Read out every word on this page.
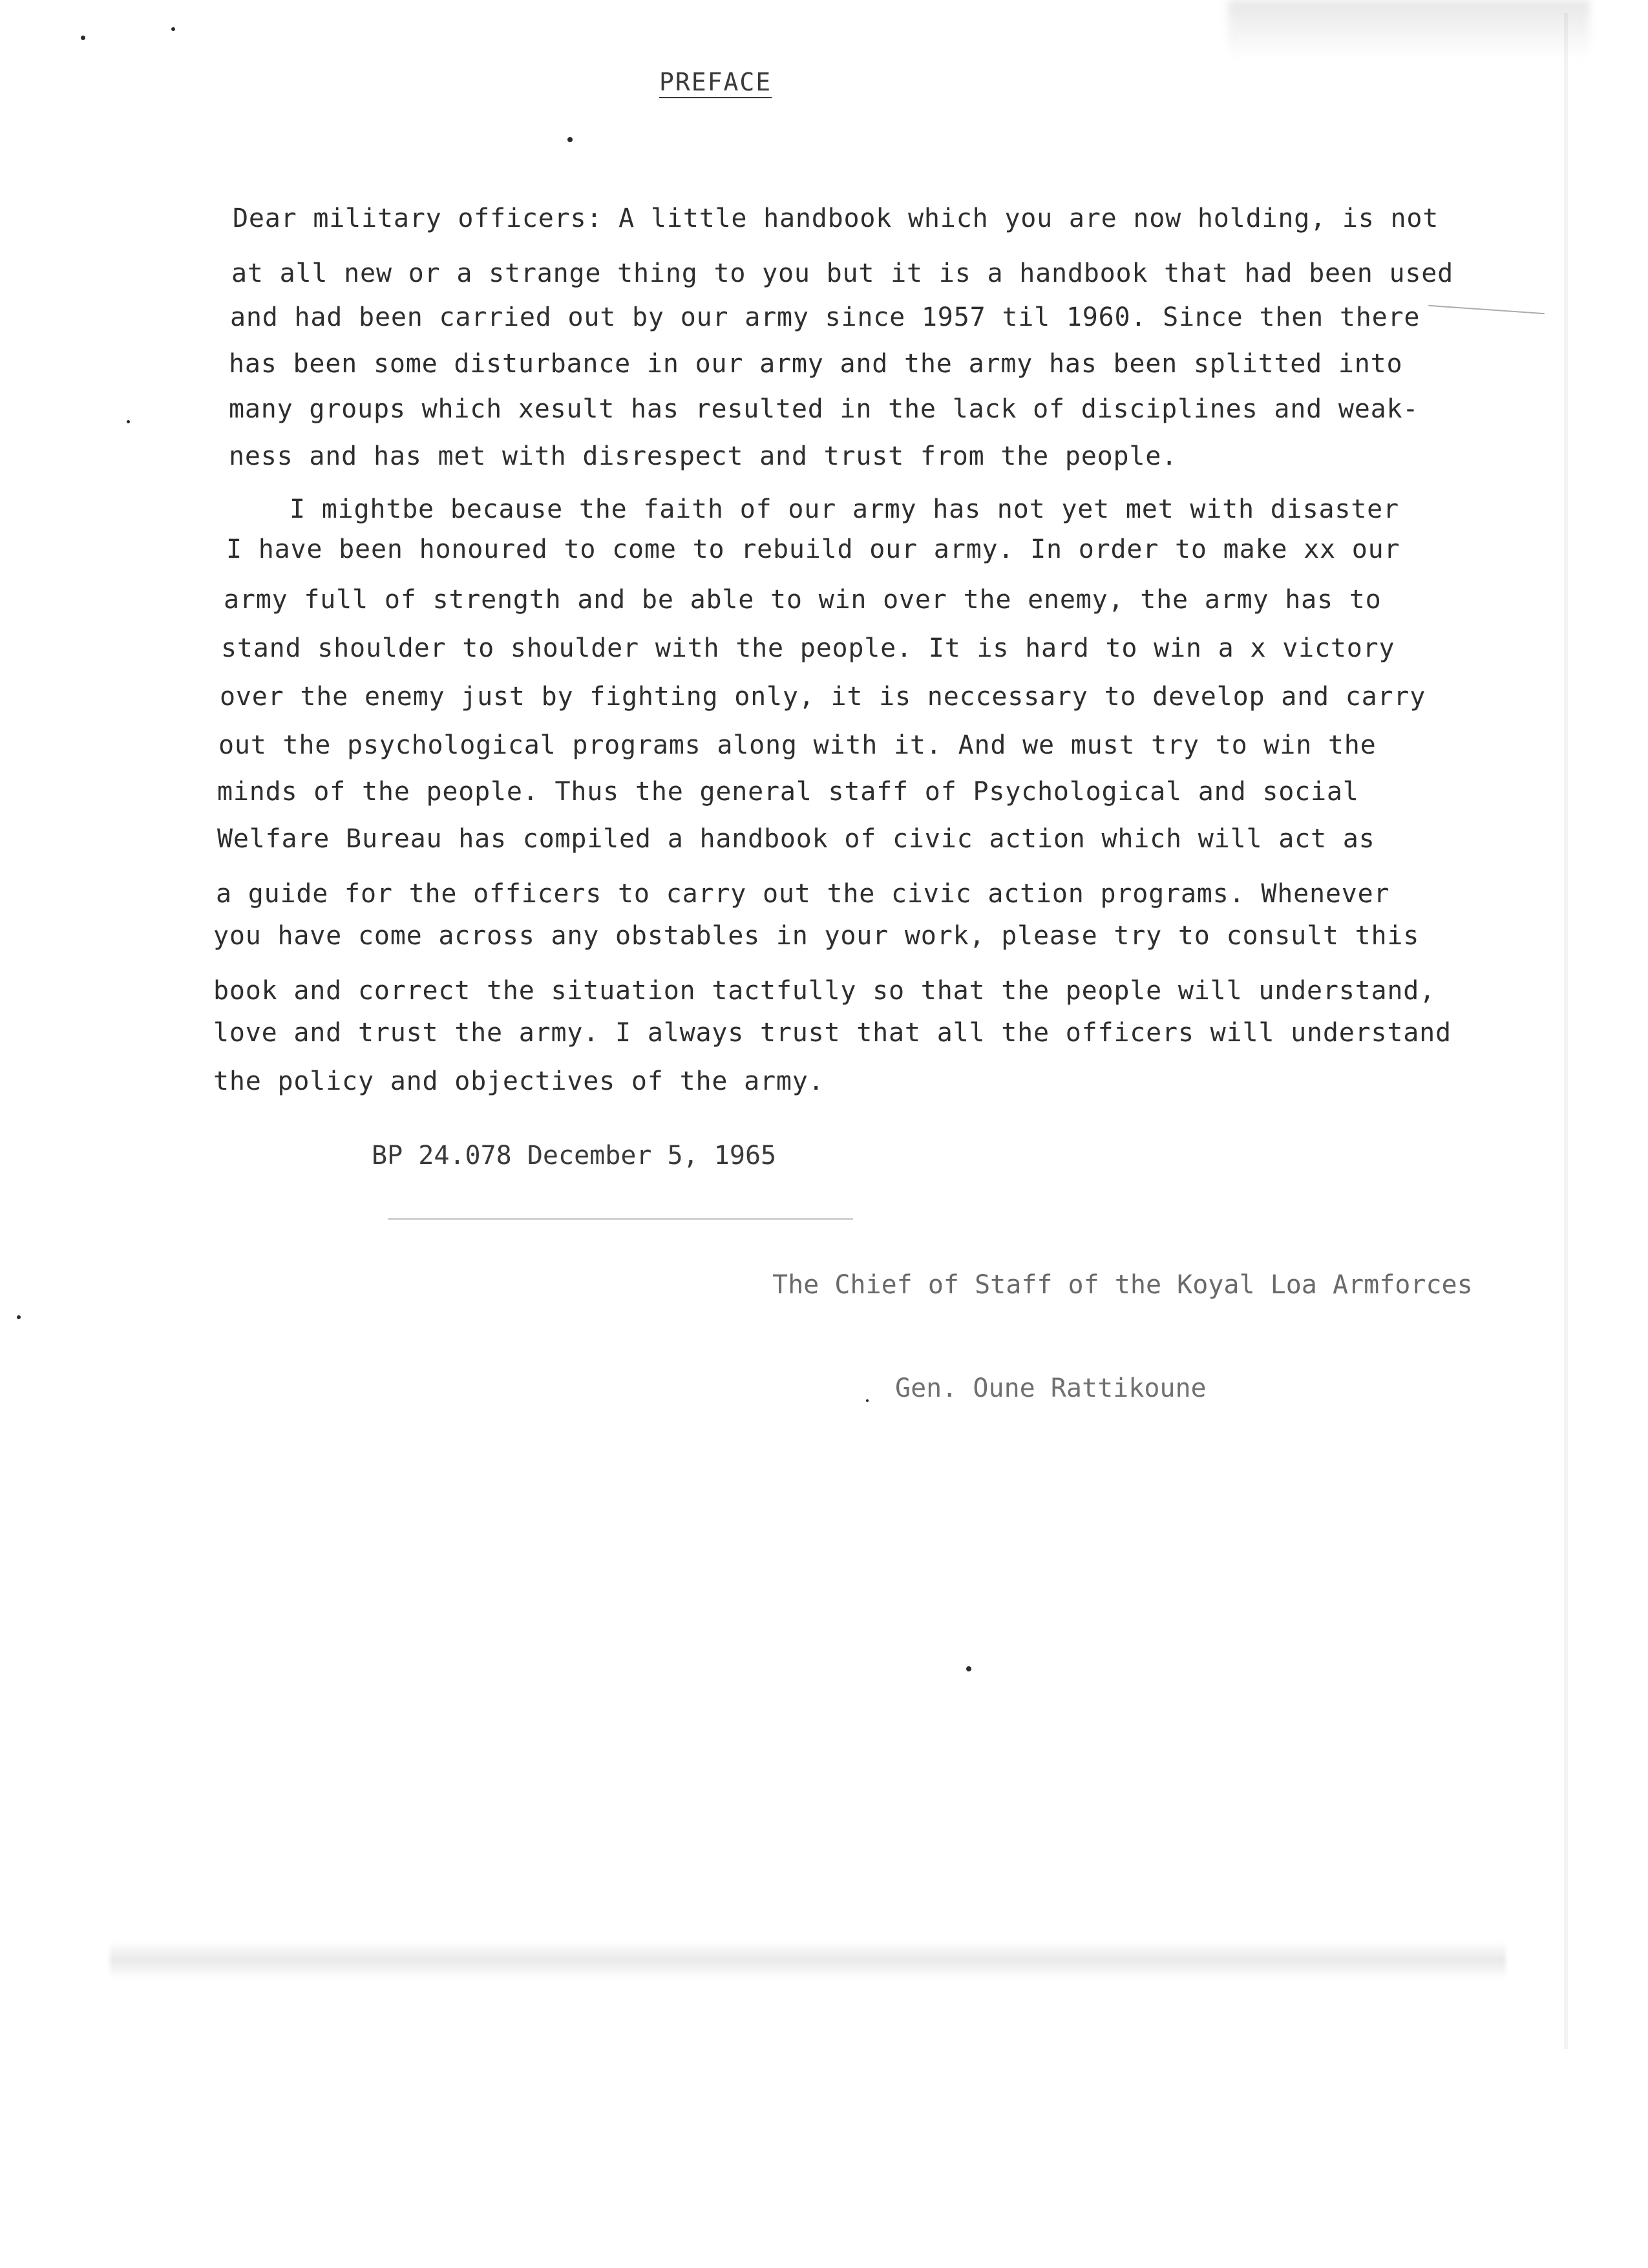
PREFACE
Dear military officers: A little handbook which you are now holding, is not
at all new or a strange thing to you but it is a handbook that had been used
and had been carried out by our army since 1957 til 1960. Since then there
has been some disturbance in our army and the army has been splitted into
many groups which xesult has resulted in the lack of disciplines and weak-
ness and has met with disrespect and trust from the people.
I mightbe because the faith of our army has not yet met with disaster
I have been honoured to come to rebuild our army. In order to make xx our
army full of strength and be able to win over the enemy, the army has to
stand shoulder to shoulder with the people. It is hard to win a x victory
over the enemy just by fighting only, it is neccessary to develop and carry
out the psychological programs along with it. And we must try to win the
minds of the people. Thus the general staff of Psychological and social
Welfare Bureau has compiled a handbook of civic action which will act as
a guide for the officers to carry out the civic action programs. Whenever
you have come across any obstables in your work, please try to consult this
book and correct the situation tactfully so that the people will understand,
love and trust the army. I always trust that all the officers will understand
the policy and objectives of the army.
BP 24.078 December 5, 1965
The Chief of Staff of the Koyal Loa Armforces
Gen. Oune Rattikoune
